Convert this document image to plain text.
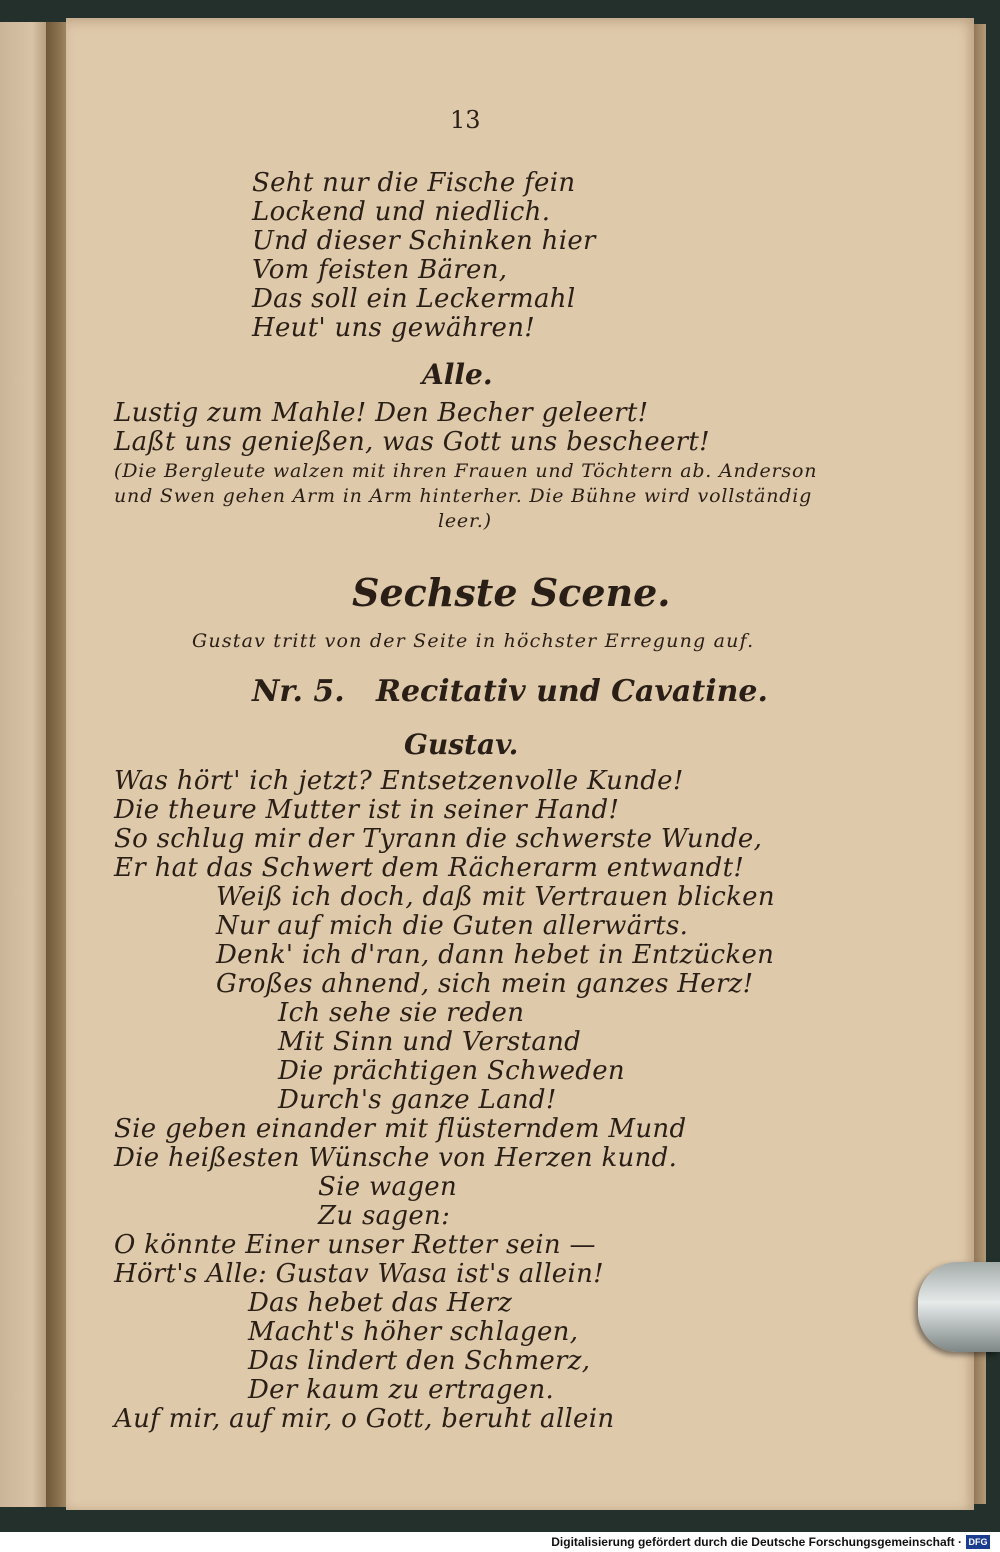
13
Seht nur die Fische fein
Lockend und niedlich.
Und dieser Schinken hier
Vom feisten Bären,
Das soll ein Leckermahl
Heut' uns gewähren!
Alle.
Lustig zum Mahle! Den Becher geleert!
Laßt uns genießen, was Gott uns bescheert!
(Die Bergleute walzen mit ihren Frauen und Töchtern ab. Anderson
und Swen gehen Arm in Arm hinterher. Die Bühne wird vollständig
leer.)
Sechste Scene.
Gustav tritt von der Seite in höchster Erregung auf.
Nr. 5.   Recitativ und Cavatine.
Gustav.
Was hört' ich jetzt? Entsetzenvolle Kunde!
Die theure Mutter ist in seiner Hand!
So schlug mir der Tyrann die schwerste Wunde,
Er hat das Schwert dem Rächerarm entwandt!
Weiß ich doch, daß mit Vertrauen blicken
Nur auf mich die Guten allerwärts.
Denk' ich d'ran, dann hebet in Entzücken
Großes ahnend, sich mein ganzes Herz!
Ich sehe sie reden
Mit Sinn und Verstand
Die prächtigen Schweden
Durch's ganze Land!
Sie geben einander mit flüsterndem Mund
Die heißesten Wünsche von Herzen kund.
Sie wagen
Zu sagen:
O könnte Einer unser Retter sein —
Hört's Alle: Gustav Wasa ist's allein!
Das hebet das Herz
Macht's höher schlagen,
Das lindert den Schmerz,
Der kaum zu ertragen.
Auf mir, auf mir, o Gott, beruht allein
Digitalisierung gefördert durch die Deutsche Forschungsgemeinschaft · DFG
